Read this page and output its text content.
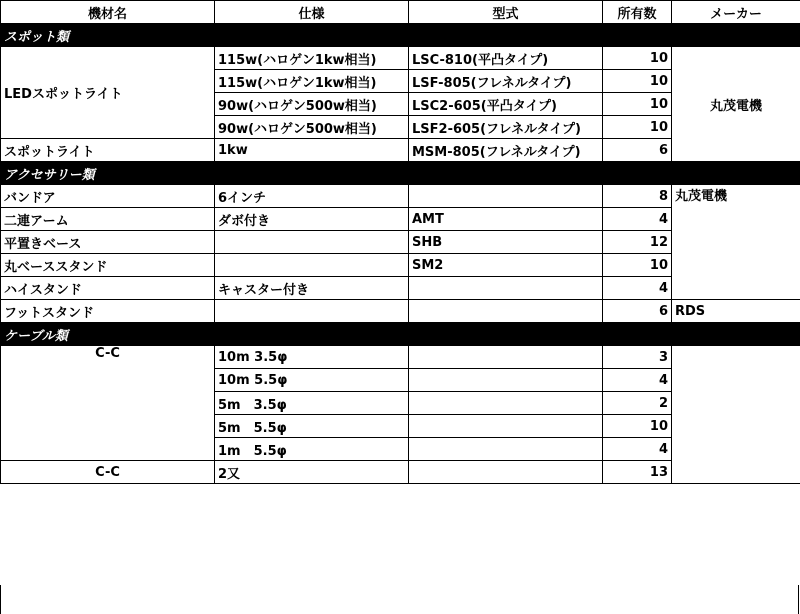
機材名	仕様	型式	所有数	メーカー
スポット類				
LEDスポットライト	115w(ハロゲン1kw相当)	LSC-810(平凸タイプ)	10	丸茂電機
	115w(ハロゲン1kw相当)	LSF-805(フレネルタイプ)	10	
	90w(ハロゲン500w相当)	LSC2-605(平凸タイプ)	10	
	90w(ハロゲン500w相当)	LSF2-605(フレネルタイプ)	10	
スポットライト	1kw	MSM-805(フレネルタイプ)	6	
アクセサリー類				
バンドア	6インチ		8	丸茂電機
二連アーム	ダボ付き	AMT	4	
平置きベース		SHB	12	
丸ベーススタンド		SM2	10	
ハイスタンド	キャスター付き		4	
フットスタンド			6	RDS
ケーブル類				
C-C	10m 3.5φ		3	
	10m 5.5φ		4	
	5m　3.5φ		2	
	5m　5.5φ		10	
	1m　5.5φ		4	
C-C	2又		13	
